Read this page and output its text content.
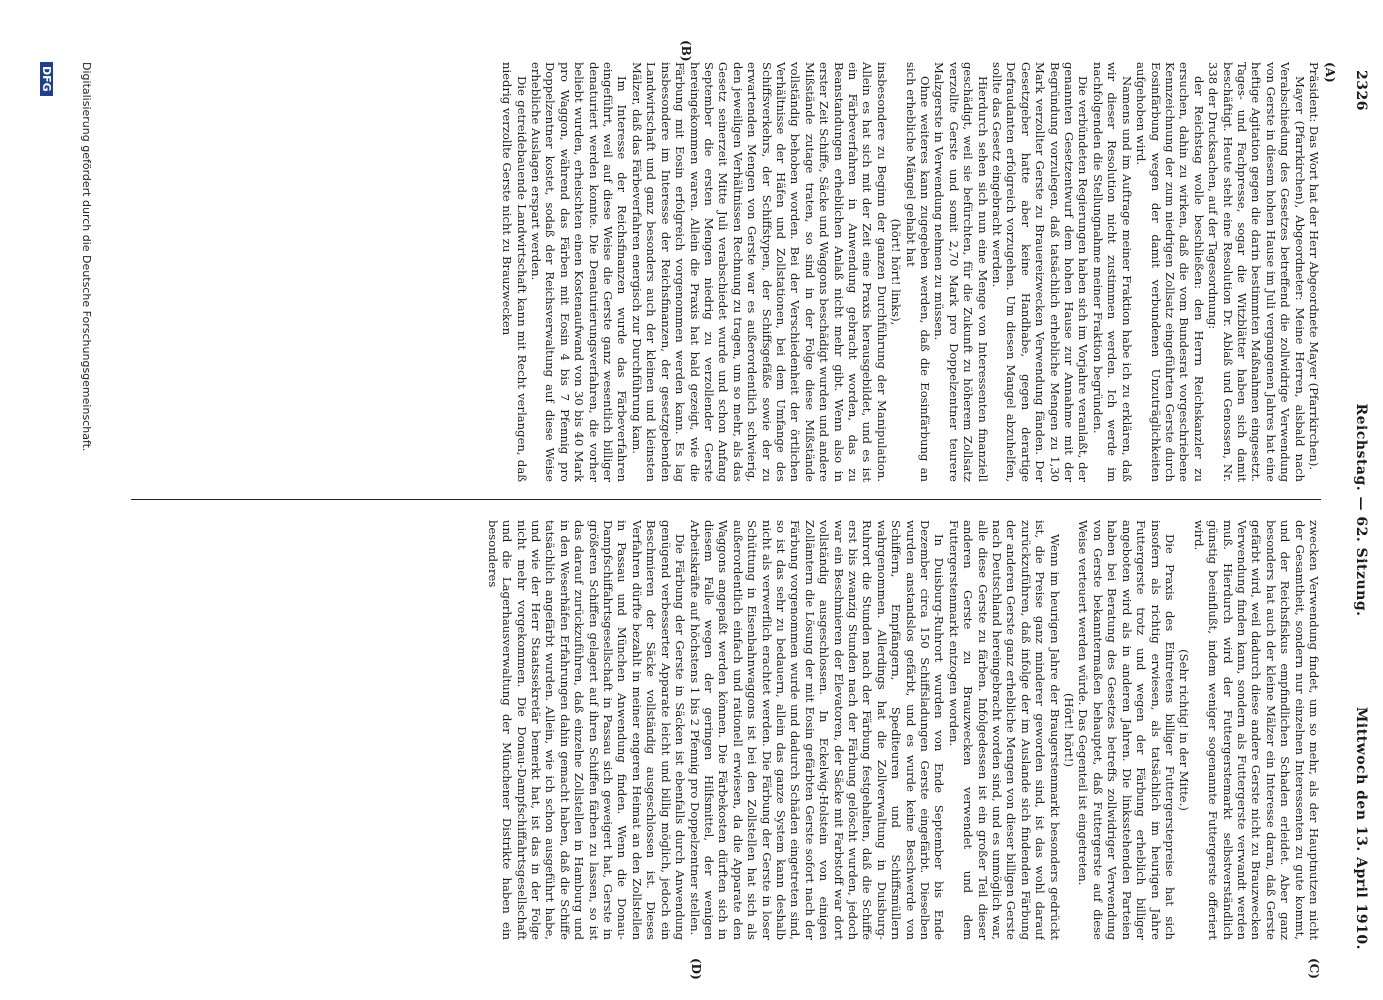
2326
Reichstag. — 62. Sitzung.
Mittwoch den 13. April 1910.
(A)
(B)
(C)
(D)

Präsident: Das Wort hat der Herr Abgeordnete Mayer (Pfarrkirchen).

Mayer (Pfarrkirchen), Abgeordneter: Meine Herren, alsbald nach Verabschiedung des Gesetzes betreffend die zollwidrige Verwendung von Gerste in diesem hohen Hause im Juli vergangenen Jahres hat eine heftige Agitation gegen die darin bestimmten Maßnahmen eingesetzt. Tages- und Fachpresse, sogar die Witzblätter haben sich damit beschäftigt. Heute steht eine Resolution Dr. Ablaß und Genossen, Nr. 338 der Drucksachen, auf der Tagesordnung:

der Reichstag wolle beschließen: den Herrn Reichskanzler zu ersuchen, dahin zu wirken, daß die vom Bundesrat vorgeschriebene Kennzeichnung der zum niedrigen Zollsatz eingeführten Gerste durch Eosinfärbung wegen der damit verbundenen Unzuträglichkeiten aufgehoben wird.

Namens und im Auftrage meiner Fraktion habe ich zu erklären, daß wir dieser Resolution nicht zustimmen werden. Ich werde im nachfolgenden die Stellungnahme meiner Fraktion begründen.

Die verbündeten Regierungen haben sich im Vorjahre veranlaßt, der genannten Gesetzentwurf dem hohen Hause zur Annahme mit der Begründung vorzulegen, daß tatsächlich erhebliche Mengen zu 1,30 Mark verzollter Gerste zu Brauereizwecken Verwendung fänden. Der Gesetzgeber hatte aber keine Handhabe, gegen derartige Defraudanten erfolgreich vorzugehen. Um diesen Mangel abzuhelfen, sollte das Gesetz eingebracht werden.

Hierdurch sehen sich nun eine Menge von Interessenten finanziell geschädigt, weil sie befürchten, für die Zukunft zu höherem Zollsatz verzollte Gerste und somit 2,70 Mark pro Doppelzentner teurere Malzgerste in Verwendung nehmen zu müssen.

Ohne weiteres kann zugegeben werden, daß die Eosinfärbung an sich erhebliche Mängel gehabt hat

(hört! hört! links),

insbesondere zu Beginn der ganzen Durchführung der Manipulation. Allein es hat sich mit der Zeit eine Praxis herausgebildet, und es ist ein Färbeverfahren in Anwendung gebracht worden, das zu Beanstandungen erheblichen Anlaß nicht mehr gibt. Wenn also in erster Zeit Schiffe, Säcke und Waggons beschädigt wurden und andere Mißstände zutage traten, so sind in der Folge diese Mißstände vollständig behoben worden. Bei der Verschiedenheit der örtlichen Verhältnisse der Häfen und Zollstationen, bei dem Umfange des Schiffsverkehrs, der Schiffstypen, der Schiffsgefäße sowie der zu erwartenden Mengen von Gerste war es außerordentlich schwierig, den jeweiligen Verhältnissen Rechnung zu tragen, um so mehr, als das Gesetz seinerzeit Mitte Juli verabschiedet wurde und schon Anfang September die ersten Mengen niedrig zu verzollender Gerste hereingekommen waren. Allein die Praxis hat bald gezeigt, wie die Färbung mit Eosin erfolgreich vorgenommen werden kann. Es lag insbesondere im Interesse der Reichsfinanzen, der gesetzgebenden Landwirtschaft und ganz besonders auch der kleinen und kleinsten Mälzer, daß das Färbeverfahren energisch zur Durchführung kam.

Im Interesse der Reichsfinanzen wurde das Färbeverfahren eingeführt, weil auf diese Weise die Gerste ganz wesentlich billiger denaturiert werden konnte. Die Denaturierungsverfahren, die vorher beliebt wurden, erheischten einen Kostenaufwand von 30 bis 40 Mark pro Waggon, während das Färben mit Eosin 4 bis 7 Pfennig pro Doppelzentner kostet, sodaß der Reichsverwaltung auf diese Weise erhebliche Auslagen erspart werden.

Die getreidebauende Landwirtschaft kann mit Recht verlangen, daß niedrig verzollte Gerste nicht zu Brauzwecken

zwecken Verwendung findet, um so mehr, als der Hauptnutzen nicht der Gesamtheit, sondern nur einzelnen Interessenten zu gute kommt, und der Reichsfiskus empfindlichen Schaden erleidet. Aber ganz besonders hat auch der kleine Mälzer ein Interesse daran, daß Gerste gefärbt wird, weil dadurch diese andere Gerste nicht zu Brauzwecken Verwendung finden kann, sondern als Futtergerste verwandt werden muß. Hierdurch wird der Futtergerstemarkt selbstverständlich günstig beeinflußt, indem weniger sogenannte Futtergerste offeriert wird.

(Sehr richtig! in der Mitte.)

Die Praxis des Eintretens billiger Futtergerstepreise hat sich insofern als richtig erwiesen, als tatsächlich im heurigen Jahre Futtergerste trotz und wegen der Färbung erheblich billiger angeboten wird als in anderen Jahren. Die linksstehenden Parteien haben bei Beratung des Gesetzes betreffs zollwidriger Verwendung von Gerste bekanntermaßen behauptet, daß Futtergerste auf diese Weise verteuert werden würde. Das Gegenteil ist eingetreten.

(Hört! hört!)

Wenn im heurigen Jahre der Braugerstenmarkt besonders gedrückt ist, die Preise ganz minderer geworden sind, ist das wohl darauf zurückzuführen, daß infolge der im Auslande sich findenden Färbung der anderen Gerste ganz erhebliche Mengen von dieser billigen Gerste nach Deutschland hereingebracht worden sind, und es unmöglich war, alle diese Gerste zu färben. Infolgedessen ist ein großer Teil dieser anderen Gerste zu Brauzwecken verwendet und dem Futtergerstenmarkt entzogen worden.

In Duisburg-Ruhrort wurden von Ende September bis Ende Dezember circa 150 Schiffsladungen Gerste eingefärbt. Dieselben wurden anstandslos gefärbt, und es wurde keine Beschwerde von Schiffern, Empfängern, Spediteuren und Schiffsmüllern wahrgenommen. Allerdings hat die Zollverwaltung in Duisburg-Ruhrort die Stunden nach der Färbung festgehalten, daß die Schiffe erst bis zwanzig Stunden nach der Färbung gelöscht wurden, jedoch war ein Beschmieren der Elevatoren, der Säcke mit Farbstoff war dort vollständig ausgeschlossen. In Eckelwig-Holstein von einigen Zollämtern die Lösung der mit Eosin gefärbten Gerste sofort nach der Färbung vorgenommen wurde und dadurch Schäden eingetreten sind, so ist das sehr zu bedauern, allein das ganze System kann deshalb nicht als verwerflich erachtet werden. Die Färbung der Gerste in loser Schüttung in Eisenbahnwaggons ist bei den Zollstellen hat sich als außerordentlich einfach und rationell erwiesen, da die Apparate den Waggons angepaßt werden können. Die Färbekosten dürften sich in diesem Falle wegen der geringen Hilfsmittel, der wenigen Arbeitskräfte auf höchstens 1 bis 2 Pfennig pro Doppelzentner stellen.

Die Färbung der Gerste in Säcken ist ebenfalls durch Anwendung genügend verbesserter Apparate leicht und billig möglich, jedoch ein Beschmieren der Säcke vollständig ausgeschlossen ist. Dieses Verfahren dürfte bezahlt in meiner engeren Heimat an den Zollstellen in Passau und München Anwendung finden. Wenn die Donau-Dampfschiffahrtsgesellschaft in Passau sich geweigert hat, Gerste in größeren Schiffen gelagert auf ihren Schiffen färben zu lassen, so ist das darauf zurückzuführen, daß einzelne Zollstellen in Hamburg und in den Weserhäfen Erfahrungen dahin gemacht haben, daß die Schiffe tatsächlich angefärbt wurden. Allein, wie ich schon ausgeführt habe, und wie der Herr Staatssekretär bemerkt hat, ist das in der Folge nicht mehr vorgekommen. Die Donau-Dampfschiffahrtsgesellschaft und die Lagerhausverwaltung der Münchener Distrikte haben ein besonderes

Digitalisierung gefördert durch die Deutsche Forschungsgemeinschaft.
DFG
